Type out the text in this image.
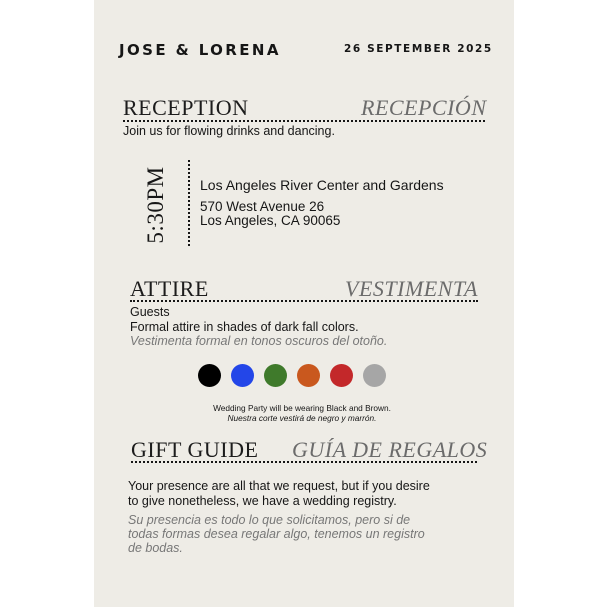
JOSE & LORENA	26 SEPTEMBER 2025
RECEPTION	RECEPCIÓN
Join us for flowing drinks and dancing.
5:30PM Los Angeles River Center and Gardens
570 West Avenue 26
Los Angeles, CA 90065
ATTIRE	VESTIMENTA
Guests
Formal attire in shades of dark fall colors.
Vestimenta formal en tonos oscuros del otoño.
Wedding Party will be wearing Black and Brown.
Nuestra corte vestirá de negro y marrón.
GIFT GUIDE GUÍA DE REGALOS
Your presence are all that we request, but if you desire
to give nonetheless, we have a wedding registry.
Su presencia es todo lo que solicitamos, pero si de
todas formas desea regalar algo, tenemos un registro
de bodas.
